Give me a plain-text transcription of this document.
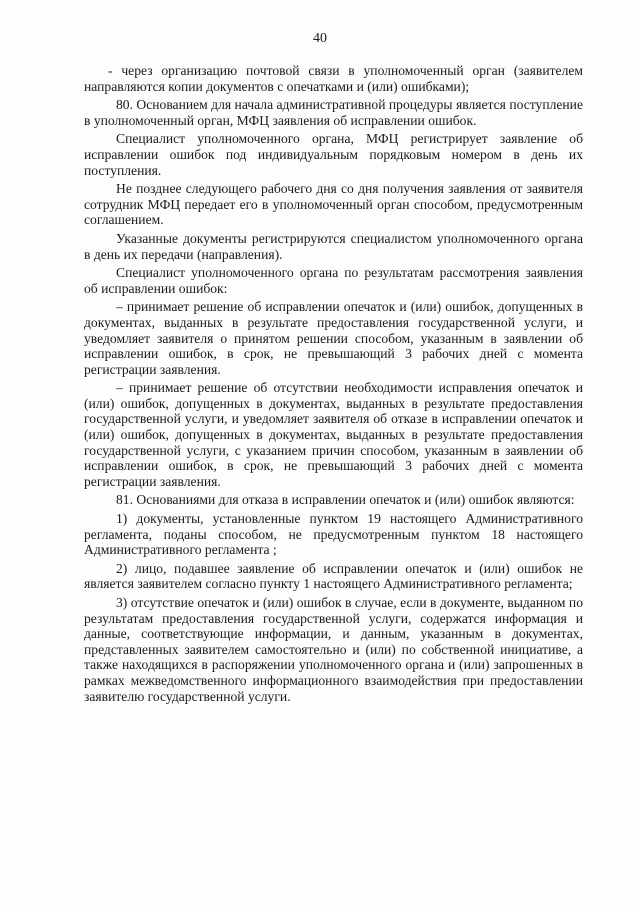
40

- через организацию почтовой связи в уполномоченный орган (заявителем направляются копии документов с опечатками и (или) ошибками);

80. Основанием для начала административной процедуры является поступление в уполномоченный орган, МФЦ заявления об исправлении ошибок.

Специалист уполномоченного органа, МФЦ регистрирует заявление об исправлении ошибок под индивидуальным порядковым номером в день их поступления.

Не позднее следующего рабочего дня со дня получения заявления от заявителя сотрудник МФЦ передает его в уполномоченный орган способом, предусмотренным соглашением.

Указанные документы регистрируются специалистом уполномоченного органа в день их передачи (направления).

Специалист уполномоченного органа по результатам рассмотрения заявления об исправлении ошибок:

– принимает решение об исправлении опечаток и (или) ошибок, допущенных в документах, выданных в результате предоставления государственной услуги, и уведомляет заявителя о принятом решении способом, указанным в заявлении об исправлении ошибок, в срок, не превышающий 3 рабочих дней с момента регистрации заявления.

– принимает решение об отсутствии необходимости исправления опечаток и (или) ошибок, допущенных в документах, выданных в результате предоставления государственной услуги, и уведомляет заявителя об отказе в исправлении опечаток и (или) ошибок, допущенных в документах, выданных в результате предоставления государственной услуги, с указанием причин способом, указанным в заявлении об исправлении ошибок, в срок, не превышающий 3 рабочих дней с момента регистрации заявления.

81. Основаниями для отказа в исправлении опечаток и (или) ошибок являются:

1) документы, установленные пунктом 19 настоящего Административного регламента, поданы способом, не предусмотренным пунктом 18 настоящего Административного регламента ;

2) лицо, подавшее заявление об исправлении опечаток и (или) ошибок не является заявителем согласно пункту 1 настоящего Административного регламента;

3) отсутствие опечаток и (или) ошибок в случае, если в документе, выданном по результатам предоставления государственной услуги, содержатся информация и данные, соответствующие информации, и данным, указанным в документах, представленных заявителем самостоятельно и (или) по собственной инициативе, а также находящихся в распоряжении уполномоченного органа и (или) запрошенных в рамках межведомственного информационного взаимодействия при предоставлении заявителю государственной услуги.
